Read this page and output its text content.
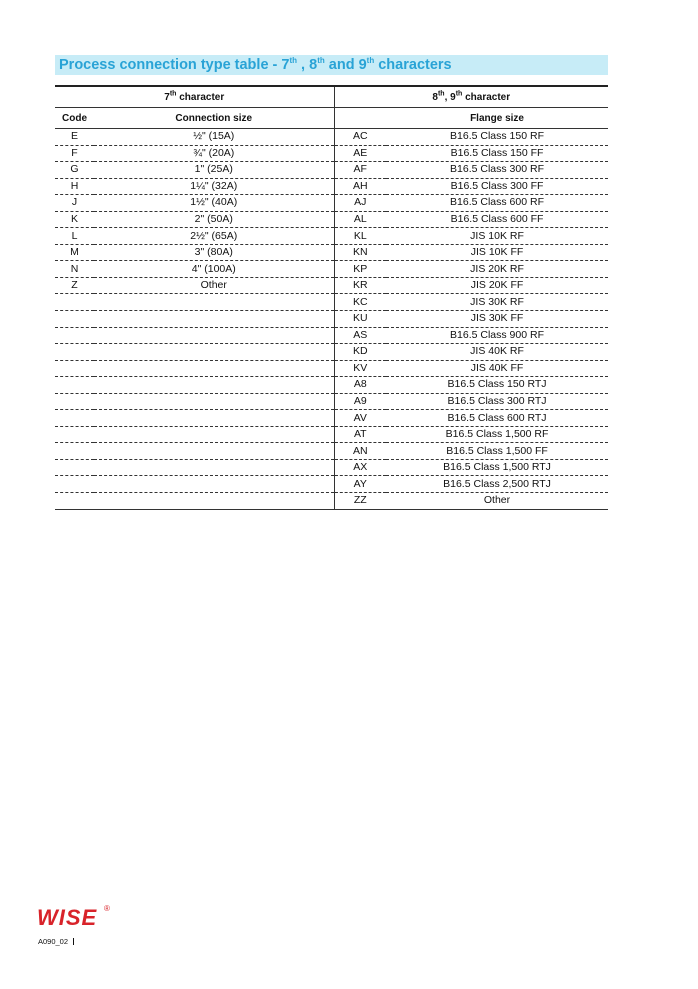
Process connection type table - 7th , 8th and 9th characters
7th character		8th, 9th character	
Code	Connection size		Flange size
E	½" (15A)	AC	B16.5 Class 150 RF
F	¾" (20A)	AE	B16.5 Class 150 FF
G	1" (25A)	AF	B16.5 Class 300 RF
H	1¼" (32A)	AH	B16.5 Class 300 FF
J	1½" (40A)	AJ	B16.5 Class 600 RF
K	2" (50A)	AL	B16.5 Class 600 FF
L	2½" (65A)	KL	JIS 10K RF
M	3" (80A)	KN	JIS 10K FF
N	4" (100A)	KP	JIS 20K RF
Z	Other	KR	JIS 20K FF
		KC	JIS 30K RF
		KU	JIS 30K FF
		AS	B16.5 Class 900 RF
		KD	JIS 40K RF
		KV	JIS 40K FF
		A8	B16.5 Class 150 RTJ
		A9	B16.5 Class 300 RTJ
		AV	B16.5 Class 600 RTJ
		AT	B16.5 Class 1,500 RF
		AN	B16.5 Class 1,500 FF
		AX	B16.5 Class 1,500 RTJ
		AY	B16.5 Class 2,500 RTJ
		ZZ	Other
WISE ®
A090_02
